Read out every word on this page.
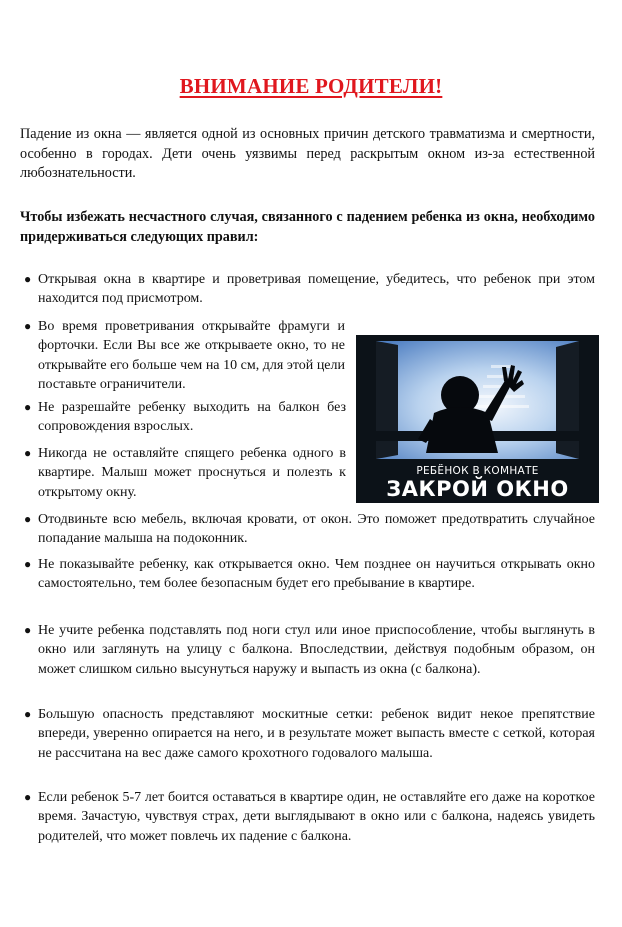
ВНИМАНИЕ РОДИТЕЛИ!

Падение из окна — является одной из основных причин детского травматизма и смертности, особенно в городах. Дети очень уязвимы перед раскрытым окном из-за естественной любознательности.

Чтобы избежать несчастного случая, связанного с падением ребенка из окна, необходимо придерживаться следующих правил:

● Открывая окна в квартире и проветривая помещение, убедитесь, что ребенок при этом находится под присмотром.
● Во время проветривания открывайте фрамуги и форточки. Если Вы все же открываете окно, то не открывайте его больше чем на 10 см, для этой цели поставьте ограничители.
● Не разрешайте ребенку выходить на балкон без сопровождения взрослых.
● Никогда не оставляйте спящего ребенка одного в квартире. Малыш может проснуться и полезть к открытому окну.
РЕБЁНОК В КОМНАТЕ
ЗАКРОЙ ОКНО
● Отодвиньте всю мебель, включая кровати, от окон. Это поможет предотвратить случайное попадание малыша на подоконник.
● Не показывайте ребенку, как открывается окно. Чем позднее он научиться открывать окно самостоятельно, тем более безопасным будет его пребывание в квартире.
● Не учите ребенка подставлять под ноги стул или иное приспособление, чтобы выглянуть в окно или заглянуть на улицу с балкона. Впоследствии, действуя подобным образом, он может слишком сильно высунуться наружу и выпасть из окна (с балкона).
● Большую опасность представляют москитные сетки: ребенок видит некое препятствие впереди, уверенно опирается на него, и в результате может выпасть вместе с сеткой, которая не рассчитана на вес даже самого крохотного годовалого малыша.
● Если ребенок 5-7 лет боится оставаться в квартире один, не оставляйте его даже на короткое время. Зачастую, чувствуя страх, дети выглядывают в окно или с балкона, надеясь увидеть родителей, что может повлечь их падение с балкона.
